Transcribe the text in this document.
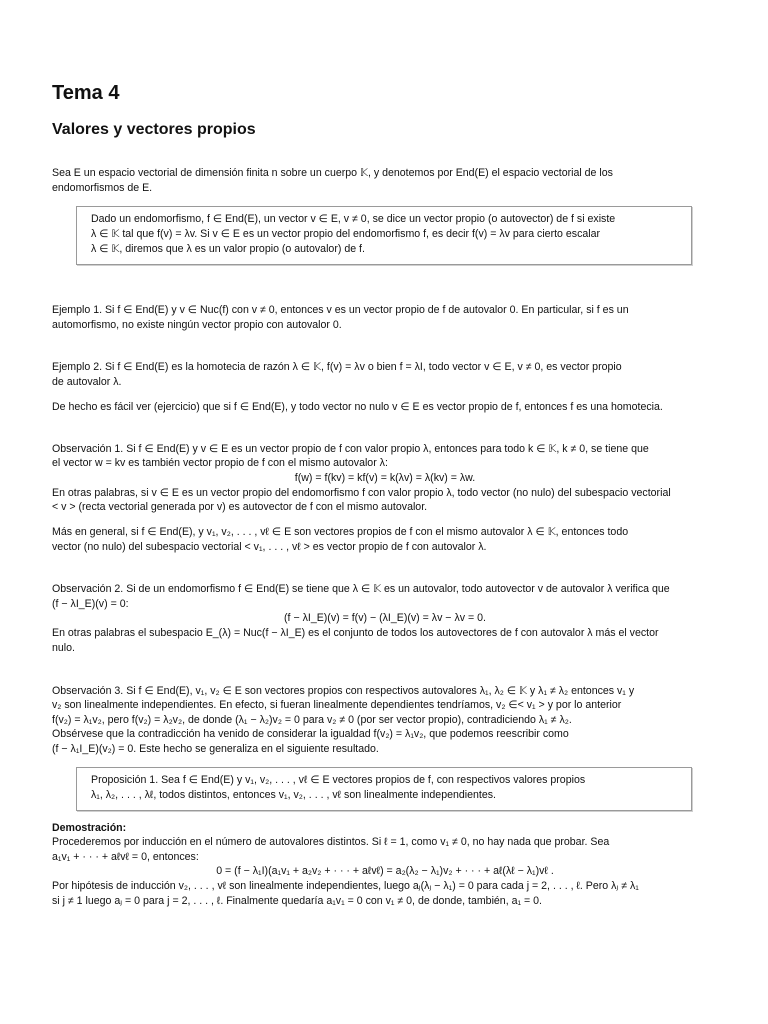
Tema 4
Valores y vectores propios
Sea E un espacio vectorial de dimensión finita n sobre un cuerpo 𝕂, y denotemos por End(E) el espacio vectorial de los
endomorfismos de E.
Dado un endomorfismo, f ∈ End(E), un vector v ∈ E, v ≠ 0, se dice un vector propio (o autovector) de f si existe
λ ∈ 𝕂 tal que f(v) = λv. Si v ∈ E es un vector propio del endomorfismo f, es decir f(v) = λv para cierto escalar
λ ∈ 𝕂, diremos que λ es un valor propio (o autovalor) de f.
Ejemplo 1. Si f ∈ End(E) y v ∈ Nuc(f) con v ≠ 0, entonces v es un vector propio de f de autovalor 0. En particular, si f es un
automorfismo, no existe ningún vector propio con autovalor 0.
Ejemplo 2. Si f ∈ End(E) es la homotecia de razón λ ∈ 𝕂, f(v) = λv o bien f = λI, todo vector v ∈ E, v ≠ 0, es vector propio
de autovalor λ.
De hecho es fácil ver (ejercicio) que si f ∈ End(E), y todo vector no nulo v ∈ E es vector propio de f, entonces f es una homotecia.
Observación 1. Si f ∈ End(E) y v ∈ E es un vector propio de f con valor propio λ, entonces para todo k ∈ 𝕂, k ≠ 0, se tiene que
el vector w = kv es también vector propio de f con el mismo autovalor λ:
f(w) = f(kv) = kf(v) = k(λv) = λ(kv) = λw.
En otras palabras, si v ∈ E es un vector propio del endomorfismo f con valor propio λ, todo vector (no nulo) del subespacio vectorial
< v > (recta vectorial generada por v) es autovector de f con el mismo autovalor.
Más en general, si f ∈ End(E), y v₁, v₂, . . . , vℓ ∈ E son vectores propios de f con el mismo autovalor λ ∈ 𝕂, entonces todo
vector (no nulo) del subespacio vectorial < v₁, . . . , vℓ > es vector propio de f con autovalor λ.
Observación 2. Si de un endomorfismo f ∈ End(E) se tiene que λ ∈ 𝕂 es un autovalor, todo autovector v de autovalor λ verifica que
(f − λI_E)(v) = 0:
(f − λI_E)(v) = f(v) − (λI_E)(v) = λv − λv = 0.
En otras palabras el subespacio E_(λ) = Nuc(f − λI_E) es el conjunto de todos los autovectores de f con autovalor λ más el vector
nulo.
Observación 3. Si f ∈ End(E), v₁, v₂ ∈ E son vectores propios con respectivos autovalores λ₁, λ₂ ∈ 𝕂 y λ₁ ≠ λ₂ entonces v₁ y
v₂ son linealmente independientes. En efecto, si fueran linealmente dependientes tendríamos, v₂ ∈< v₁ > y por lo anterior
f(v₂) = λ₁v₂, pero f(v₂) = λ₂v₂, de donde (λ₁ − λ₂)v₂ = 0 para v₂ ≠ 0 (por ser vector propio), contradiciendo λ₁ ≠ λ₂.
Obsérvese que la contradicción ha venido de considerar la igualdad f(v₂) = λ₁v₂, que podemos reescribir como
(f − λ₁I_E)(v₂) = 0. Este hecho se generaliza en el siguiente resultado.
Proposición 1. Sea f ∈ End(E) y v₁, v₂, . . . , vℓ ∈ E vectores propios de f, con respectivos valores propios
λ₁, λ₂, . . . , λℓ, todos distintos, entonces v₁, v₂, . . . , vℓ son linealmente independientes.
Demostración:
Procederemos por inducción en el número de autovalores distintos. Si ℓ = 1, como v₁ ≠ 0, no hay nada que probar. Sea
a₁v₁ + · · · + aℓvℓ = 0, entonces:
0 = (f − λ₁I)(a₁v₁ + a₂v₂ + · · · + aℓvℓ) = a₂(λ₂ − λ₁)v₂ + · · · + aℓ(λℓ − λ₁)vℓ .
Por hipótesis de inducción v₂, . . . , vℓ son linealmente independientes, luego aⱼ(λⱼ − λ₁) = 0 para cada j = 2, . . . , ℓ. Pero λⱼ ≠ λ₁
si j ≠ 1 luego aⱼ = 0 para j = 2, . . . , ℓ. Finalmente quedaría a₁v₁ = 0 con v₁ ≠ 0, de donde, también, a₁ = 0.
